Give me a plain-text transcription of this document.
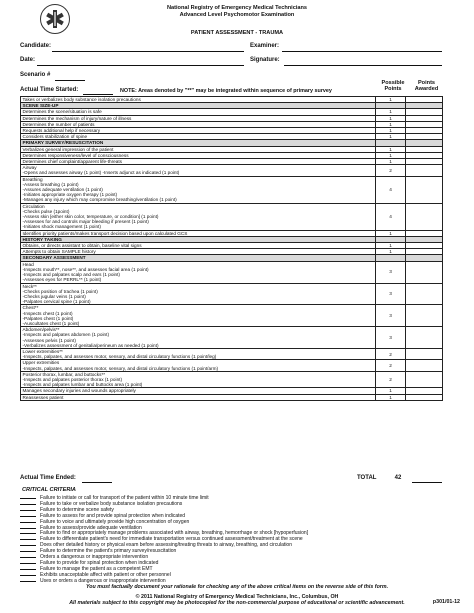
National Registry of Emergency Medical Technicians
Advanced Level Psychomotor Examination
PATIENT ASSESSMENT - TRAUMA
Candidate:	Examiner:
Date:	Signature:
Scenario #
Actual Time Started:	NOTE: Areas denoted by "**" may be integrated within sequence of primary survey
Possible
Points
Points
Awarded
Takes or verbalizes body substance isolation precautions	1	

SCENE SIZE-UP		

Determines the scene/situation is safe	1	

Determines the mechanism of injury/nature of illness	1	

Determines the number of patients	1	

Requests additional help if necessary	1	

Considers stabilization of spine	1	

PRIMARY SURVEY/RESUSCITATION		

Verbalizes general impression of the patient	1	

Determines responsiveness/level of consciousness	1	

Determines chief complaint/apparent life-threats	1	

Airway
-Opens and assesses airway (1 point) -Inserts adjunct as indicated (1 point)	2	

Breathing
-Assess breathing (1 point)
-Assures adequate ventilation (1 point)
-Initiates appropriate oxygen therapy (1 point)
-Manages any injury which may compromise breathing/ventilation (1 point)	4	

Circulation
-Checks pulse (1point)
-Assess skin [either skin color, temperature, or condition] (1 point)
-Assesses for and controls major bleeding if present (1 point)
-Initiates shock management (1 point)	4	

Identifies priority patients/makes transport decision based upon calculated GCS	1	

HISTORY TAKING		

Obtains, or directs assistant to obtain, baseline vital signs	1	

Attempts to obtain SAMPLE history	1	

SECONDARY ASSESSMENT		

Head
-Inspects mouth**, nose**, and assesses facial area (1 point)
-Inspects and palpates scalp and ears (1 point)
-Assesses eyes for PERRL** (1 point)	3	

Neck**
-Checks position of trachea (1 point)
-Checks jugular veins (1 point)
-Palpates cervical spine (1 point)	3	

Chest**
-Inspects chest (1 point)
-Palpates chest (1 point)
-Auscultates chest (1 point)	3	

Abdomen/pelvis**
-Inspects and palpates abdomen (1 point)
-Assesses pelvis (1 point)
-Verbalizes assessment of genitalia/perineum as needed (1 point)	3	

Lower extremities**
-Inspects, palpates, and assesses motor, sensory, and distal circulatory functions (1 point/leg)	2	

Upper extremities
-Inspects, palpates, and assesses motor, sensory, and distal circulatory functions (1 point/arm)	2	

Posterior thorax, lumbar, and buttocks**
-Inspects and palpates posterior thorax (1 point)
-Inspects and palpates lumbar and buttocks area (1 point)	2	

Manages secondary injuries and wounds appropriately	1	

Reassesses patient	1	
Actual Time Ended:	TOTAL	42
CRITICAL CRITERIA
Failure to initiate or call for transport of the patient within 10 minute time limit
Failure to take or verbalize body substance isolation precautions
Failure to determine scene safety
Failure to assess for and provide spinal protection when indicated
Failure to voice and ultimately provide high concentration of oxygen
Failure to assess/provide adequate ventilation
Failure to find or appropriately manage problems associated with airway, breathing, hemorrhage or shock [hypoperfusion]
Failure to differentiate patient's need for immediate transportation versus continued assessment/treatment at the scene
Does other detailed history or physical exam before assessing/treating threats to airway, breathing, and circulation
Failure to determine the patient's primary survey/resuscitation
Orders a dangerous or inappropriate intervention
Failure to provide for spinal protection when indicated
Failure to manage the patient as a competent EMT
Exhibits unacceptable affect with patient or other personnel
Uses or orders a dangerous or inappropriate intervention
You must factually document your rationale for checking any of the above critical items on the reverse side of this form.
© 2011 National Registry of Emergency Medical Technicians, Inc., Columbus, OH
All materials subject to this copyright may be photocopied for the non-commercial purpose of educational or scientific advancement.	p301/01-12
